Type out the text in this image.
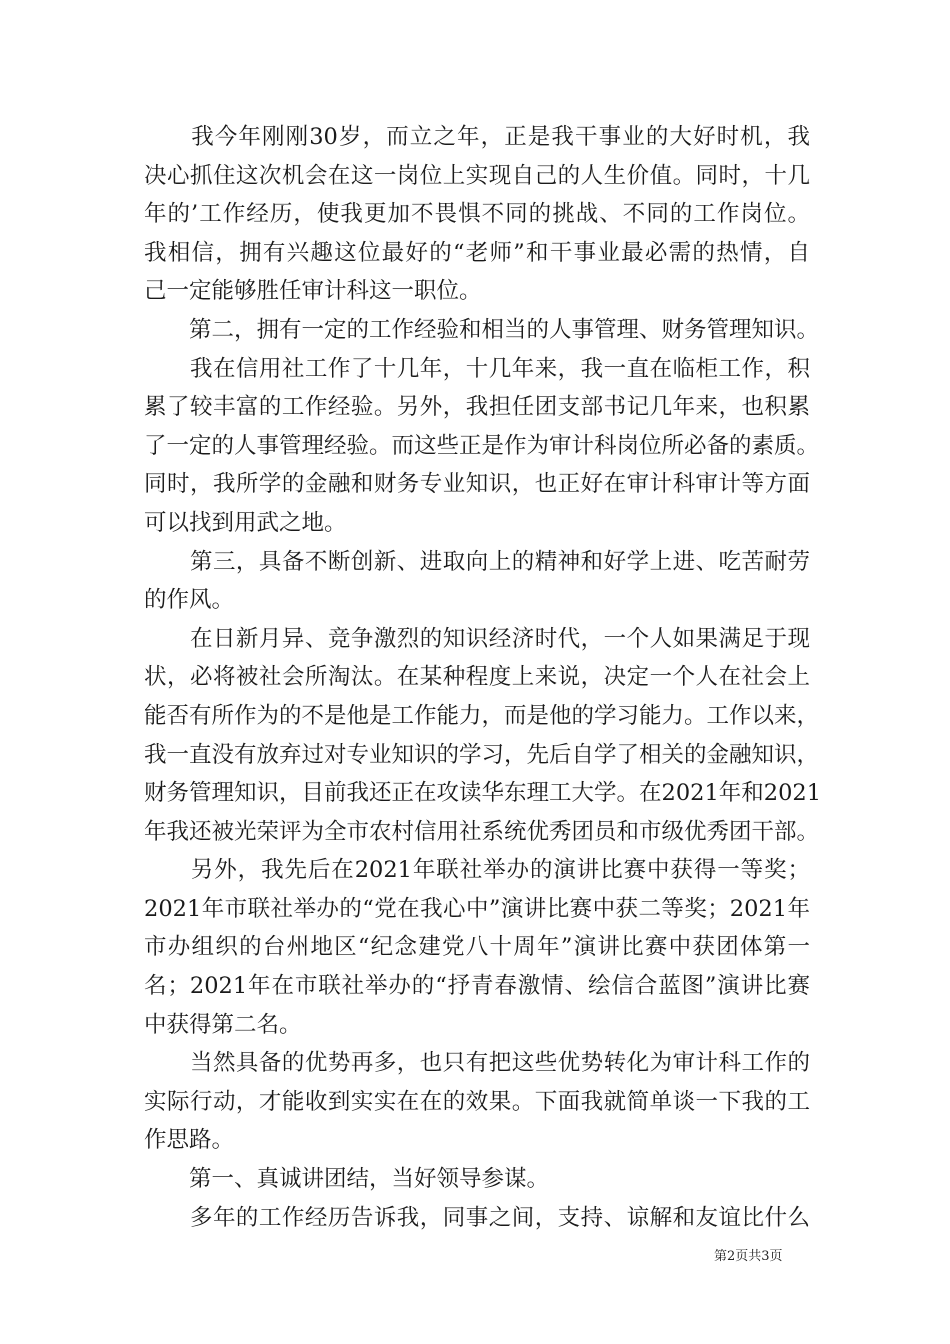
　　我今年刚刚30岁，而立之年，正是我干事业的大好时机，我
决心抓住这次机会在这一岗位上实现自己的人生价值。同时，十几
年的’工作经历，使我更加不畏惧不同的挑战、不同的工作岗位。
我相信，拥有兴趣这位最好的“老师”和干事业最必需的热情，自
己一定能够胜任审计科这一职位。
　　第二，拥有一定的工作经验和相当的人事管理、财务管理知识。
　　我在信用社工作了十几年，十几年来，我一直在临柜工作，积
累了较丰富的工作经验。另外，我担任团支部书记几年来，也积累
了一定的人事管理经验。而这些正是作为审计科岗位所必备的素质。
同时，我所学的金融和财务专业知识，也正好在审计科审计等方面
可以找到用武之地。
　　第三，具备不断创新、进取向上的精神和好学上进、吃苦耐劳
的作风。
　　在日新月异、竞争激烈的知识经济时代，一个人如果满足于现
状，必将被社会所淘汰。在某种程度上来说，决定一个人在社会上
能否有所作为的不是他是工作能力，而是他的学习能力。工作以来，
我一直没有放弃过对专业知识的学习，先后自学了相关的金融知识，
财务管理知识，目前我还正在攻读华东理工大学。在2021年和2021
年我还被光荣评为全市农村信用社系统优秀团员和市级优秀团干部。
　　另外，我先后在2021年联社举办的演讲比赛中获得一等奖；
2021年市联社举办的“党在我心中”演讲比赛中获二等奖；2021年
市办组织的台州地区“纪念建党八十周年”演讲比赛中获团体第一
名；2021年在市联社举办的“抒青春激情、绘信合蓝图”演讲比赛
中获得第二名。
　　当然具备的优势再多，也只有把这些优势转化为审计科工作的
实际行动，才能收到实实在在的效果。下面我就简单谈一下我的工
作思路。
　　第一、真诚讲团结，当好领导参谋。
　　多年的工作经历告诉我，同事之间，支持、谅解和友谊比什么
第2页共3页
